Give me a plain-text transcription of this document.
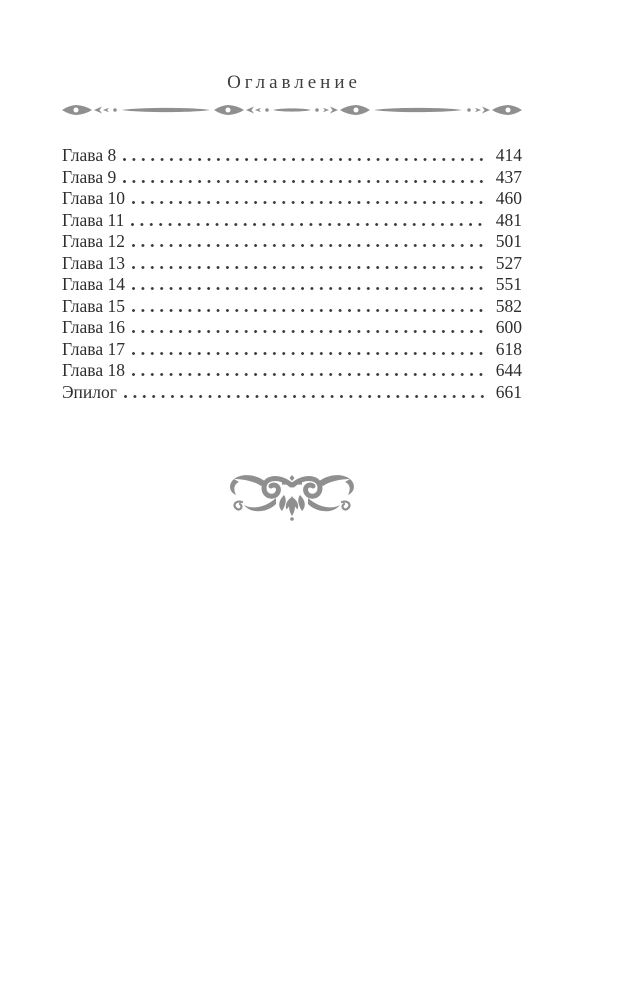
Оглавление
Глава 8	414
Глава 9	437
Глава 10	460
Глава 11	481
Глава 12	501
Глава 13	527
Глава 14	551
Глава 15	582
Глава 16	600
Глава 17	618
Глава 18	644
Эпилог	661
